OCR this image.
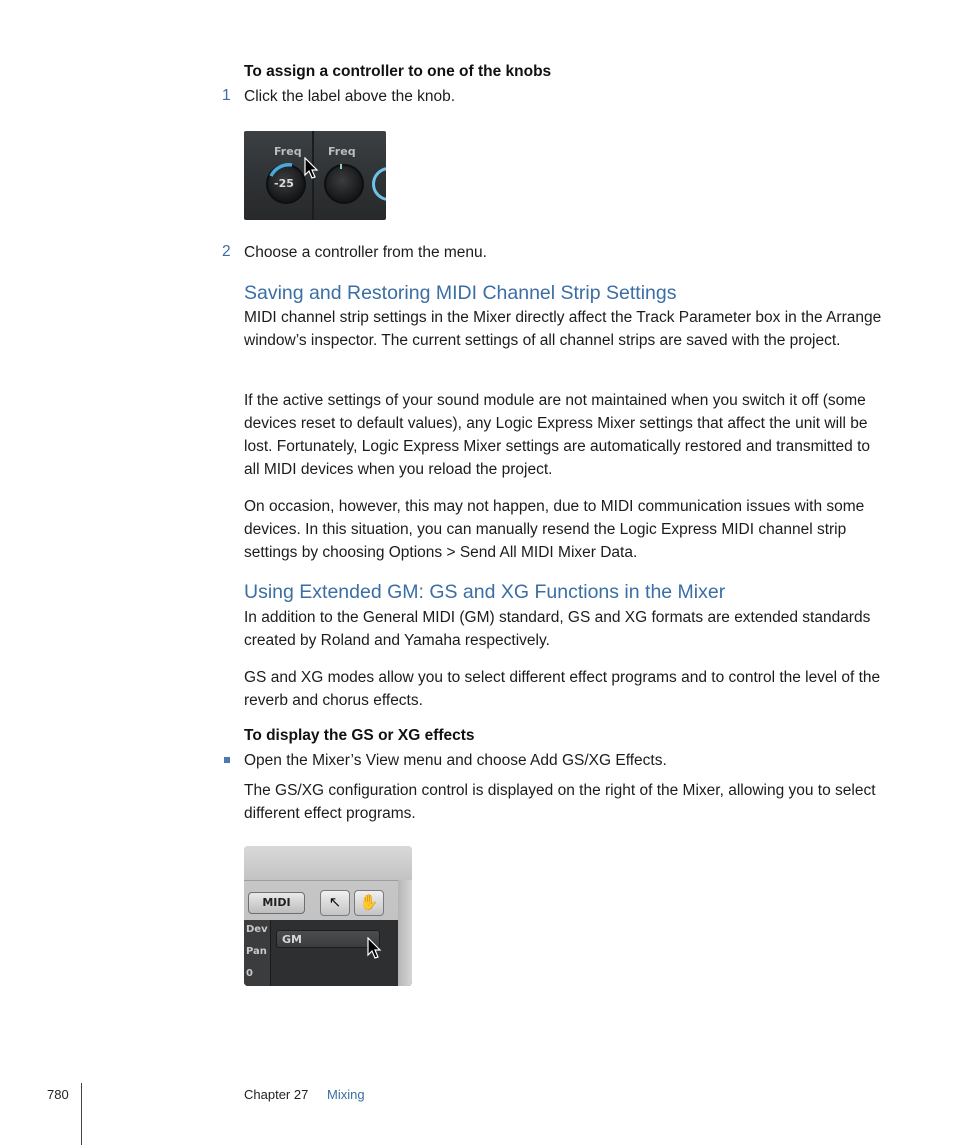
To assign a controller to one of the knobs
1 Click the label above the knob.
Freq Freq
-25
2 Choose a controller from the menu.
Saving and Restoring MIDI Channel Strip Settings
MIDI channel strip settings in the Mixer directly affect the Track Parameter box in the Arrange window’s inspector. The current settings of all channel strips are saved with the project.
If the active settings of your sound module are not maintained when you switch it off (some devices reset to default values), any Logic Express Mixer settings that affect the unit will be lost. Fortunately, Logic Express Mixer settings are automatically restored and transmitted to all MIDI devices when you reload the project.
On occasion, however, this may not happen, due to MIDI communication issues with some devices. In this situation, you can manually resend the Logic Express MIDI channel strip settings by choosing Options > Send All MIDI Mixer Data.
Using Extended GM: GS and XG Functions in the Mixer
In addition to the General MIDI (GM) standard, GS and XG formats are extended standards created by Roland and Yamaha respectively.
GS and XG modes allow you to select different effect programs and to control the level of the reverb and chorus effects.
To display the GS or XG effects
Open the Mixer’s View menu and choose Add GS/XG Effects.
The GS/XG configuration control is displayed on the right of the Mixer, allowing you to select different effect programs.
MIDI	↖	✋
Dev
Pan
0
GM
780	Chapter 27 Mixing
